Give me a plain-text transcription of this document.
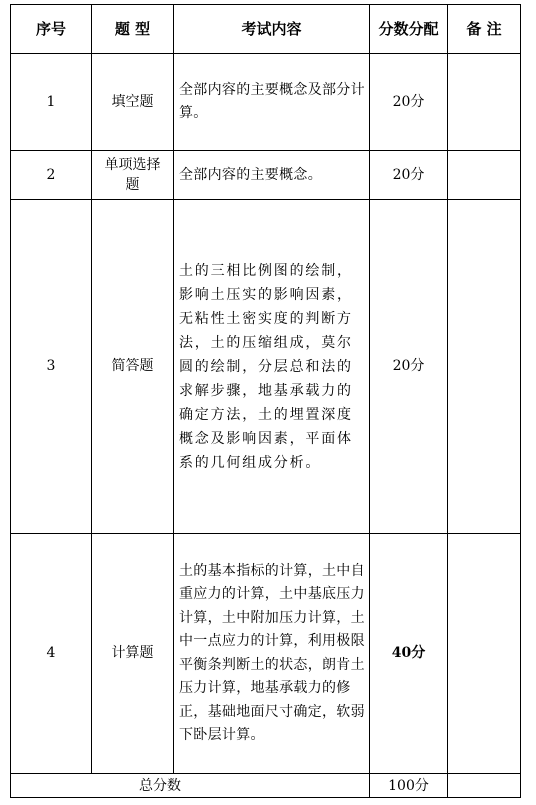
序号	题 型	考试内容	分数分配	备 注
1	填空题	全部内容的主要概念及部分计算。	20分	
2	单项选择题	全部内容的主要概念。	20分	
3	简答题	土的三相比例图的绘制，影响土压实的影响因素，无粘性土密实度的判断方法，土的压缩组成，莫尔圆的绘制，分层总和法的求解步骤，地基承载力的确定方法，土的埋置深度概念及影响因素，平面体系的几何组成分析。	20分	
4	计算题	土的基本指标的计算，土中自重应力的计算，土中基底压力计算，土中附加压力计算，土中一点应力的计算，利用极限平衡条判断土的状态，朗肯土压力计算，地基承载力的修正，基础地面尺寸确定，软弱下卧层计算。	40分	
总分数			100分	
